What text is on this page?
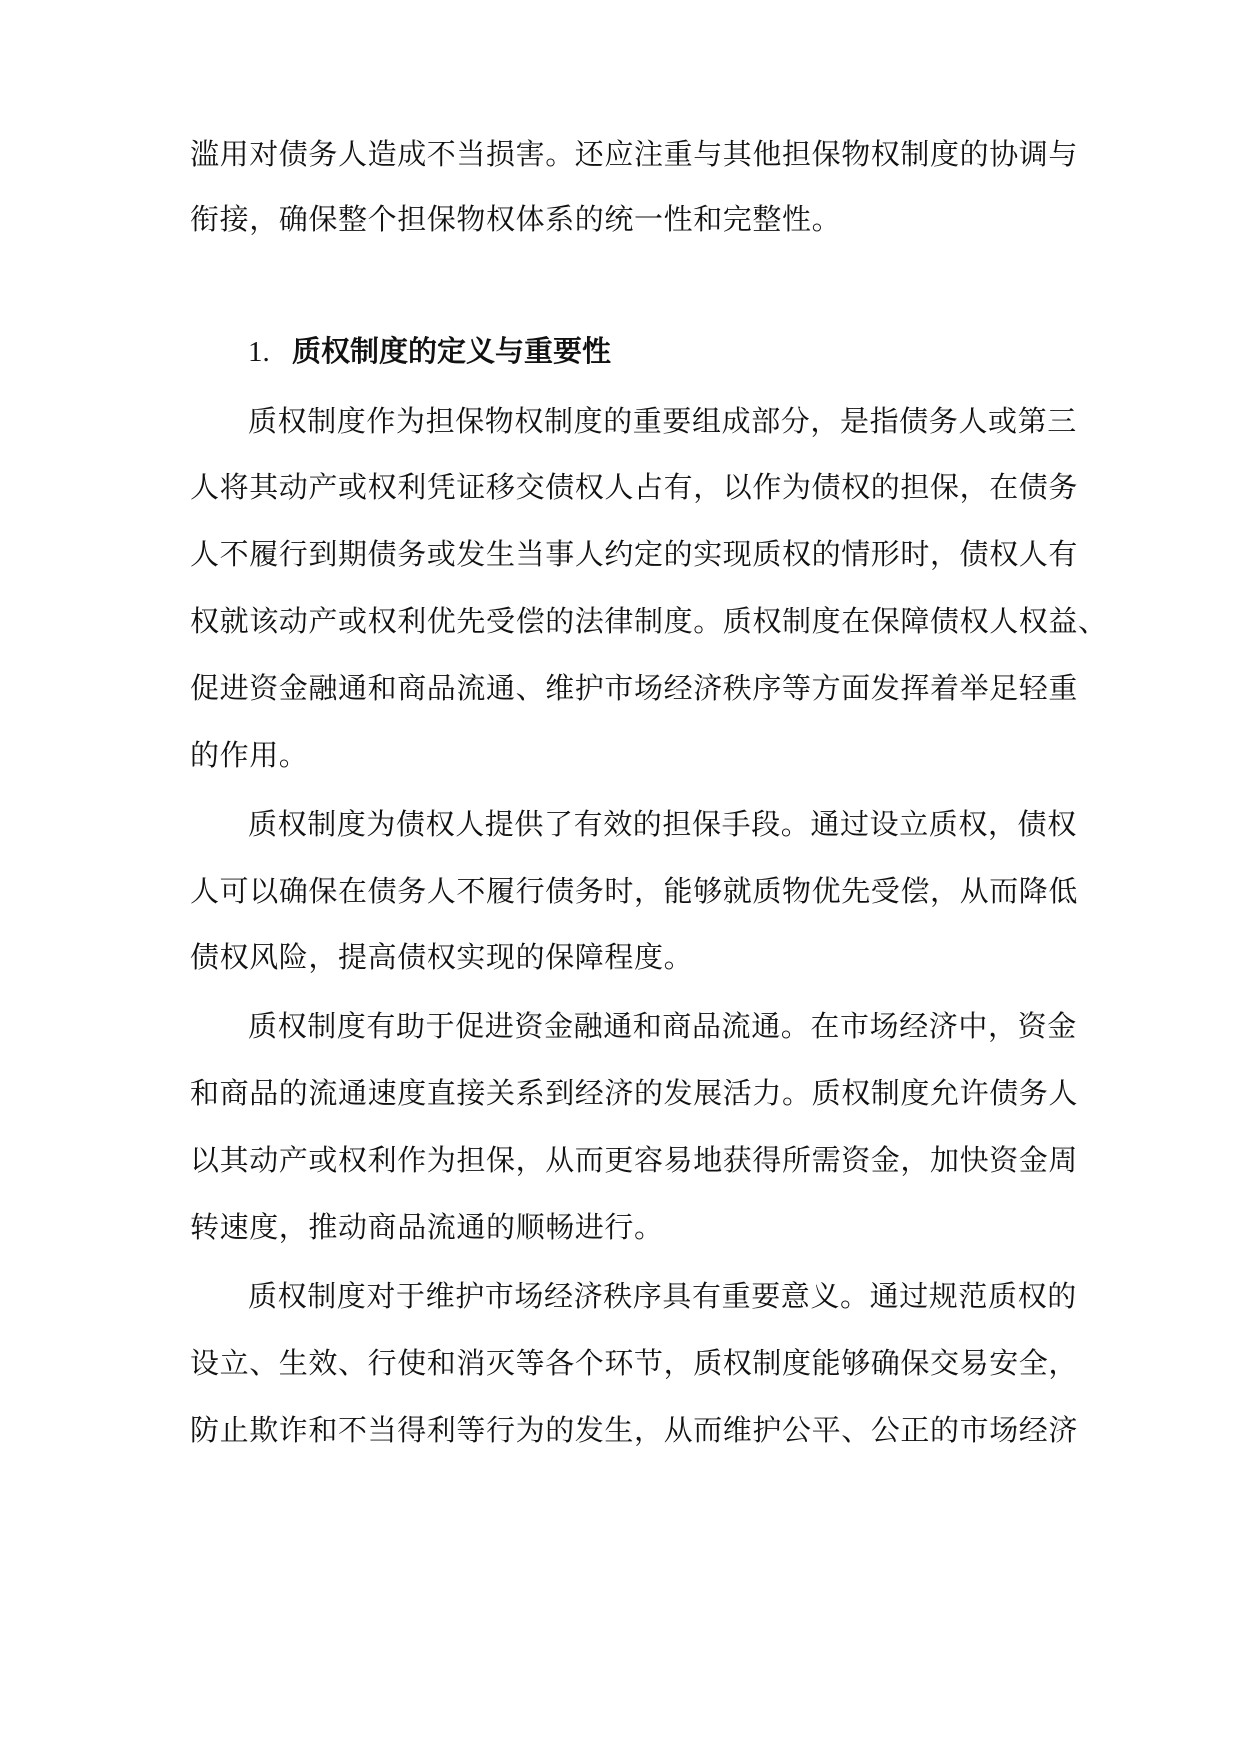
滥用对债务人造成不当损害。还应注重与其他担保物权制度的协调与
衔接，确保整个担保物权体系的统一性和完整性。
1. 质权制度的定义与重要性
质权制度作为担保物权制度的重要组成部分，是指债务人或第三
人将其动产或权利凭证移交债权人占有，以作为债权的担保，在债务
人不履行到期债务或发生当事人约定的实现质权的情形时，债权人有
权就该动产或权利优先受偿的法律制度。质权制度在保障债权人权益、
促进资金融通和商品流通、维护市场经济秩序等方面发挥着举足轻重
的作用。
质权制度为债权人提供了有效的担保手段。通过设立质权，债权
人可以确保在债务人不履行债务时，能够就质物优先受偿，从而降低
债权风险，提高债权实现的保障程度。
质权制度有助于促进资金融通和商品流通。在市场经济中，资金
和商品的流通速度直接关系到经济的发展活力。质权制度允许债务人
以其动产或权利作为担保，从而更容易地获得所需资金，加快资金周
转速度，推动商品流通的顺畅进行。
质权制度对于维护市场经济秩序具有重要意义。通过规范质权的
设立、生效、行使和消灭等各个环节，质权制度能够确保交易安全，
防止欺诈和不当得利等行为的发生，从而维护公平、公正的市场经济
